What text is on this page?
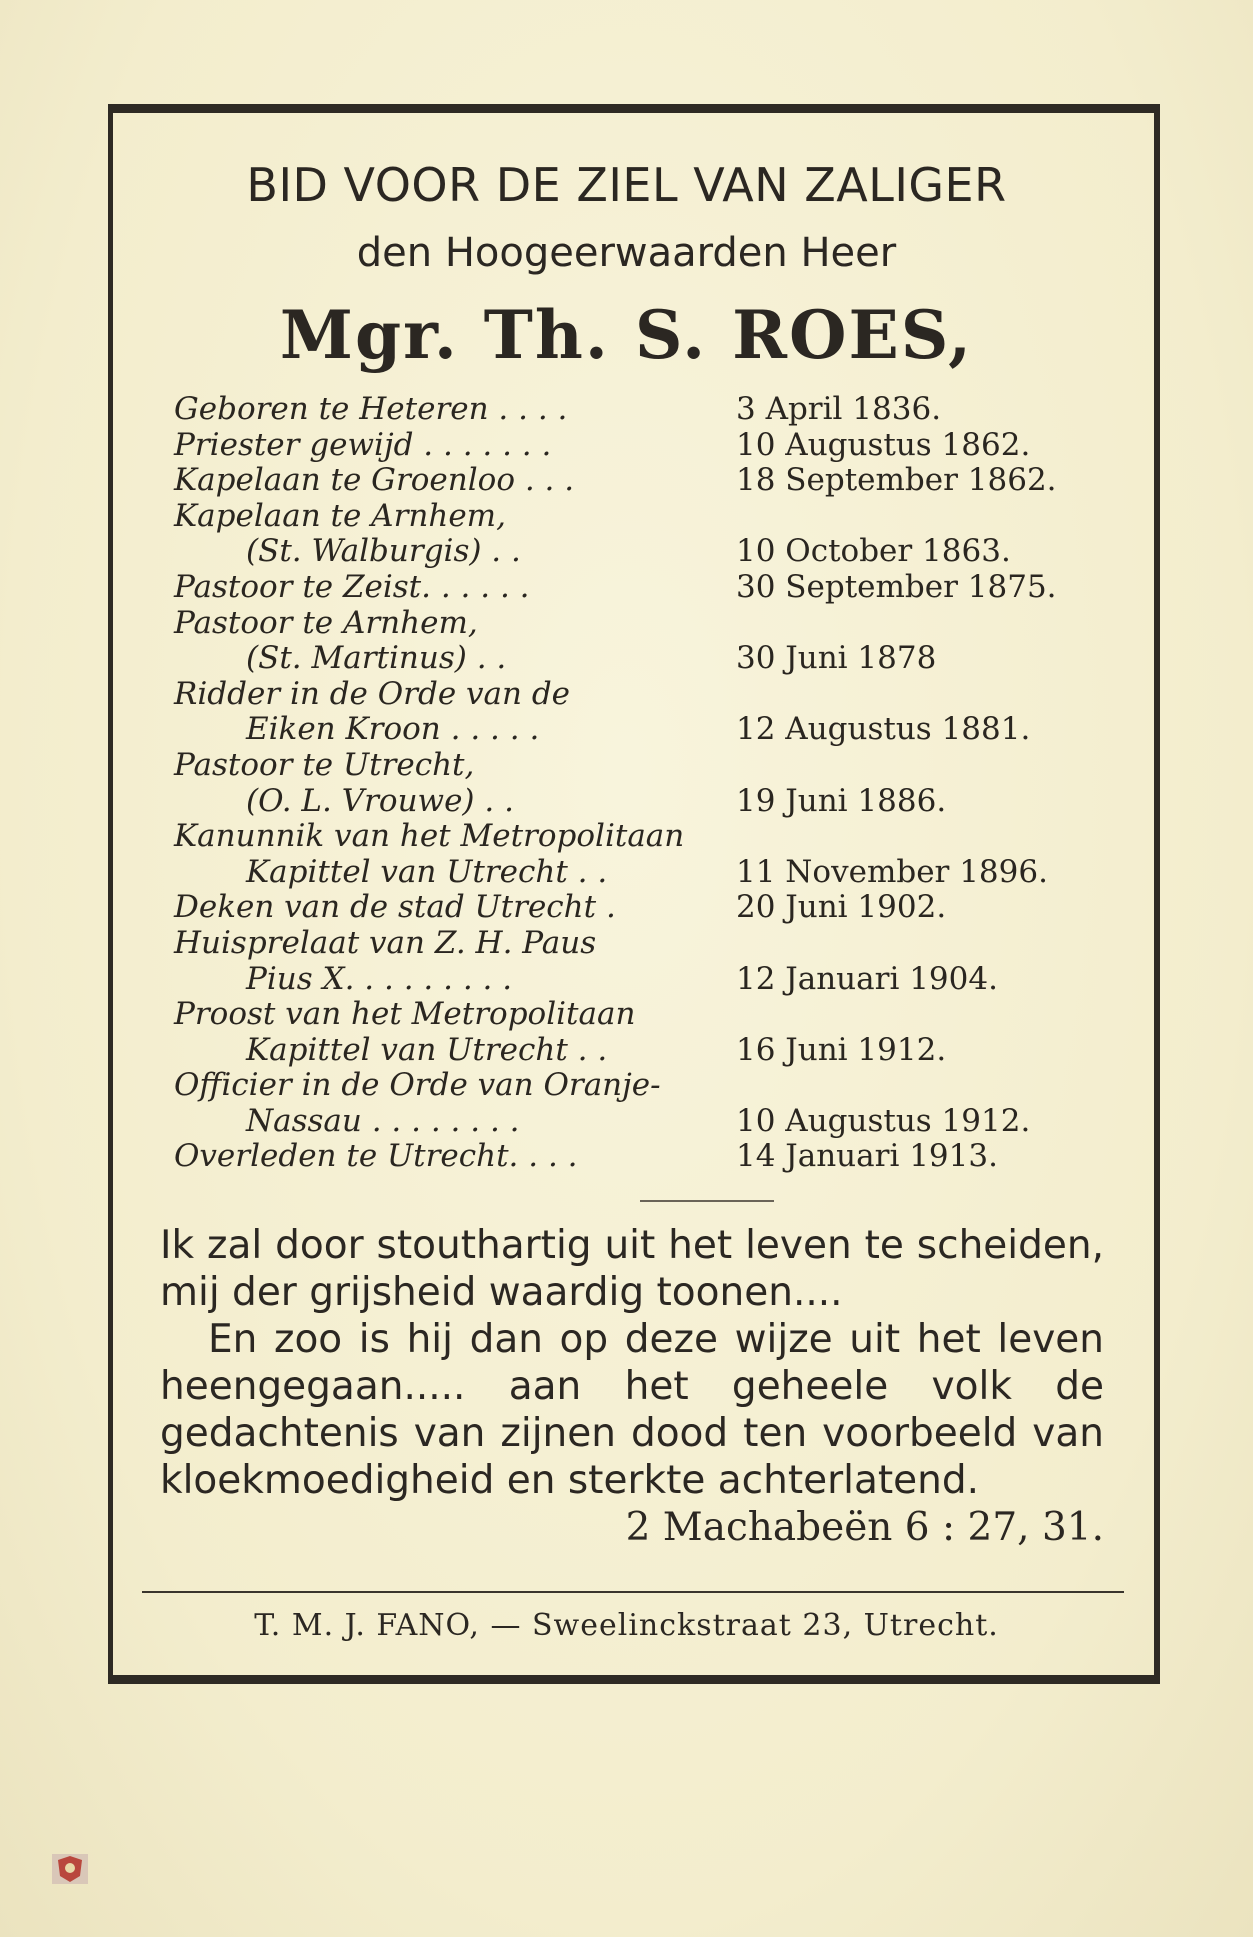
BID VOOR DE ZIEL VAN ZALIGER
den Hoogeerwaarden Heer
Mgr. Th. S. ROES,
Geboren te Heteren . . . .	3 April 1836.
Priester gewijd . . . . . . .	10 Augustus 1862.
Kapelaan te Groenloo . . .	18 September 1862.
Kapelaan te Arnhem,
(St. Walburgis) . .	10 October 1863.
Pastoor te Zeist. . . . . .	30 September 1875.
Pastoor te Arnhem,
(St. Martinus) . .	30 Juni 1878
Ridder in de Orde van de
Eiken Kroon . . . . .	12 Augustus 1881.
Pastoor te Utrecht,
(O. L. Vrouwe) . .	19 Juni 1886.
Kanunnik van het Metropolitaan
Kapittel van Utrecht . .	11 November 1896.
Deken van de stad Utrecht .	20 Juni 1902.
Huisprelaat van Z. H. Paus
Pius X. . . . . . . . .	12 Januari 1904.
Proost van het Metropolitaan
Kapittel van Utrecht . .	16 Juni 1912.
Officier in de Orde van Oranje-
Nassau . . . . . . . .	10 Augustus 1912.
Overleden te Utrecht. . . .	14 Januari 1913.

Ik zal door stouthartig uit het leven te scheiden, mij der grijsheid waardig toonen....

En zoo is hij dan op deze wijze uit het leven heengegaan..... aan het geheele volk de gedachtenis van zijnen dood ten voorbeeld van kloekmoedigheid en sterkte achterlatend.
2 Machabeën 6 : 27, 31.

T. M. J. FANO, — Sweelinckstraat 23, Utrecht.
